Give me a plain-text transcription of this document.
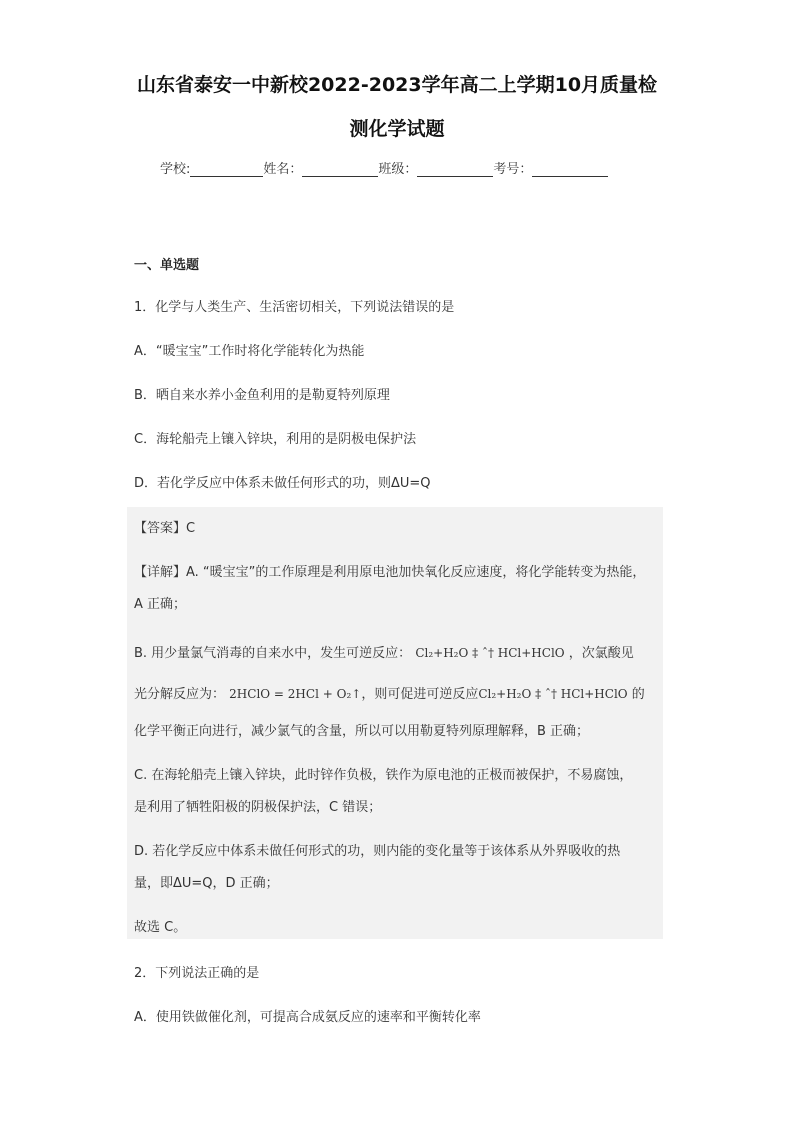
山东省泰安一中新校2022-2023学年高二上学期10月质量检
测化学试题
学校:	姓名：	班级：	考号：
一、单选题
1．化学与人类生产、生活密切相关，下列说法错误的是
A．“暖宝宝”工作时将化学能转化为热能
B．晒自来水养小金鱼利用的是勒夏特列原理
C．海轮船壳上镶入锌块，利用的是阴极电保护法
D．若化学反应中体系未做任何形式的功，则ΔU=Q
【答案】C
【详解】A. “暖宝宝”的工作原理是利用原电池加快氧化反应速度，将化学能转变为热能，
A 正确；
B. 用少量氯气消毒的自来水中，发生可逆反应： Cl₂+H₂O ‡ ˆ† HCl+HClO ，次氯酸见
光分解反应为： 2HClO = 2HCl + O₂↑，则可促进可逆反应Cl₂+H₂O ‡ ˆ† HCl+HClO 的
化学平衡正向进行，减少氯气的含量，所以可以用勒夏特列原理解释，B 正确；
C. 在海轮船壳上镶入锌块，此时锌作负极，铁作为原电池的正极而被保护，不易腐蚀，
是利用了牺牲阳极的阴极保护法，C 错误；
D. 若化学反应中体系未做任何形式的功，则内能的变化量等于该体系从外界吸收的热
量，即ΔU=Q，D 正确；
故选 C。
2．下列说法正确的是
A．使用铁做催化剂，可提高合成氨反应的速率和平衡转化率
